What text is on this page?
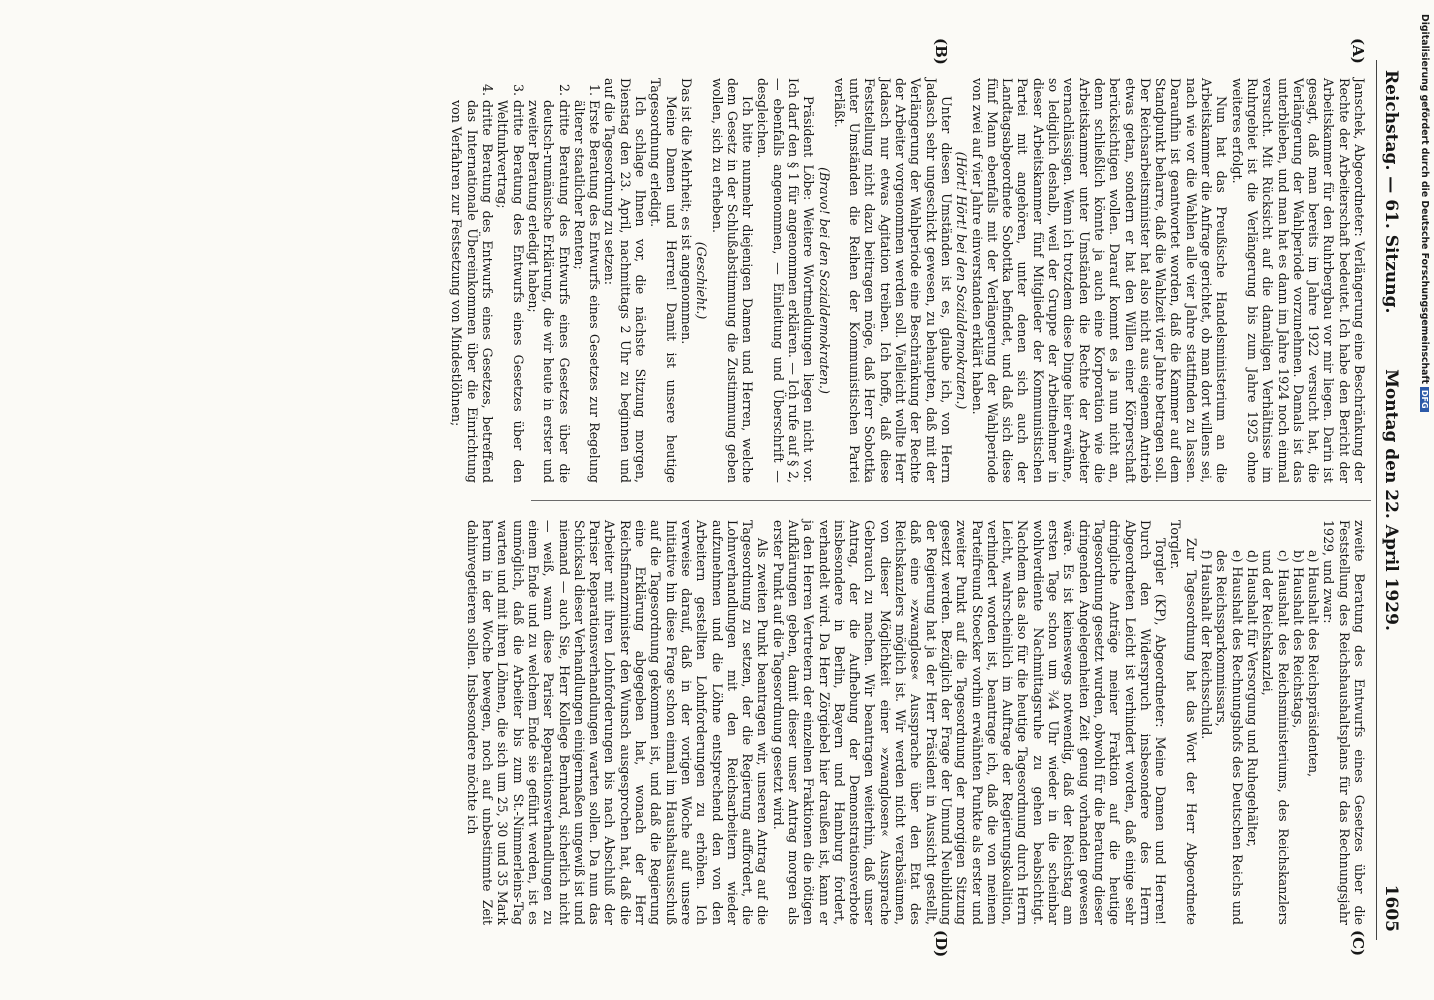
Reichstag. — 61. Sitzung.
Montag den 22. April 1929.
1605
(A)
(B)
(C)
(D)

Janschek, Abgeordneter: Verlängerung eine Beschränkung der Rechte der Arbeiterschaft bedeutet. Ich habe den Bericht der Arbeitskammer für den Ruhrbergbau vor mir liegen. Darin ist gesagt, daß man bereits im Jahre 1922 versucht hat, die Verlängerung der Wahlperiode vorzunehmen. Damals ist das unterblieben, und man hat es dann im Jahre 1924 noch einmal versucht. Mit Rücksicht auf die damaligen Verhältnisse im Ruhrgebiet ist die Verlängerung bis zum Jahre 1925 ohne weiteres erfolgt.

Nun hat das Preußische Handelsministerium an die Arbeitskammer die Anfrage gerichtet, ob man dort willens sei, nach wie vor die Wahlen alle vier Jahre stattfinden zu lassen. Daraufhin ist geantwortet worden, daß die Kammer auf dem Standpunkt beharre, daß die Wahlzeit vier Jahre betragen soll. Der Reichsarbeitsminister hat also nicht aus eigenem Antrieb etwas getan, sondern er hat den Willen einer Körperschaft berücksichtigen wollen. Darauf kommt es ja nun nicht an, denn schließlich könnte ja auch eine Korporation wie die Arbeitskammer unter Umständen die Rechte der Arbeiter vernachlässigen. Wenn ich trotzdem diese Dinge hier erwähne, so lediglich deshalb, weil der Gruppe der Arbeitnehmer in dieser Arbeitskammer fünf Mitglieder der Kommunistischen Partei mit angehören, unter denen sich auch der Landtagsabgeordnete Sobottka befindet, und daß sich diese fünf Mann ebenfalls mit der Verlängerung der Wahlperiode von zwei auf vier Jahre einverstanden erklärt haben.

(Hört! Hört! bei den Sozialdemokraten.)

Unter diesen Umständen ist es, glaube ich, von Herrn Jadasch sehr ungeschickt gewesen, zu behaupten, daß mit der Verlängerung der Wahlperiode eine Beschränkung der Rechte der Arbeiter vorgenommen werden soll. Vielleicht wollte Herr Jadasch nur etwas Agitation treiben. Ich hoffe, daß diese Feststellung nicht dazu beitragen möge, daß Herr Sobottka unter Umständen die Reihen der Kommunistischen Partei verläßt.

(Bravo! bei den Sozialdemokraten.)

Präsident Löbe: Weitere Wortmeldungen liegen nicht vor. Ich darf den § 1 für angenommen erklären. — Ich rufe auf § 2, — ebenfalls angenommen, — Einleitung und Überschrift — desgleichen.

Ich bitte nunmehr diejenigen Damen und Herren, welche dem Gesetz in der Schlußabstimmung die Zustimmung geben wollen, sich zu erheben.

(Geschieht.)

Das ist die Mehrheit; es ist angenommen.

Meine Damen und Herren! Damit ist unsere heutige Tagesordnung erledigt.

Ich schlage Ihnen vor, die nächste Sitzung morgen, Dienstag den 23. April, nachmittags 2 Uhr zu beginnen und auf die Tagesordnung zu setzen:

1. Erste Beratung des Entwurfs eines Gesetzes zur Regelung älterer staatlicher Renten;
2. dritte Beratung des Entwurfs eines Gesetzes über die deutsch-rumänische Erklärung, die wir heute in erster und zweiter Beratung erledigt haben;
3. dritte Beratung des Entwurfs eines Gesetzes über den Weltfunkvertrag;
4. dritte Beratung des Entwurfs eines Gesetzes, betreffend das Internationale Übereinkommen über die Einrichtung von Verfahren zur Festsetzung von Mindestlöhnen;

zweite Beratung des Entwurfs eines Gesetzes über die Feststellung des Reichshaushaltsplans für das Rechnungsjahr 1929, und zwar:

a) Haushalt des Reichspräsidenten,
b) Haushalt des Reichstags,
c) Haushalt des Reichsministeriums, des Reichskanzlers und der Reichskanzlei,
d) Haushalt für Versorgung und Ruhegehälter,
e) Haushalt des Rechnungshofs des Deutschen Reichs und des Reichssparkommissars,
f) Haushalt der Reichsschuld.

Zur Tagesordnung hat das Wort der Herr Abgeordnete Torgler.

Torgler (KP), Abgeordneter: Meine Damen und Herren! Durch den Widerspruch insbesondere des Herrn Abgeordneten Leicht ist verhindert worden, daß einige sehr dringliche Anträge meiner Fraktion auf die heutige Tagesordnung gesetzt wurden, obwohl für die Beratung dieser dringenden Angelegenheiten Zeit genug vorhanden gewesen wäre. Es ist keineswegs notwendig, daß der Reichstag am ersten Tage schon um ¾4 Uhr wieder in die scheinbar wohlverdiente Nachmittagsruhe zu gehen beabsichtigt. Nachdem das also für die heutige Tagesordnung durch Herrn Leicht, wahrscheinlich im Auftrage der Regierungskoalition, verhindert worden ist, beantrage ich, daß die von meinem Parteifreund Stoecker vorhin erwähnten Punkte als erster und zweiter Punkt auf die Tagesordnung der morgigen Sitzung gesetzt werden. Bezüglich der Frage der Umund Neubildung der Regierung hat ja der Herr Präsident in Aussicht gestellt, daß eine »zwanglose« Aussprache über den Etat des Reichskanzlers möglich ist. Wir werden nicht verabsäumen, von dieser Möglichkeit einer »zwanglosen« Aussprache Gebrauch zu machen. Wir beantragen weiterhin, daß unser Antrag, der die Aufhebung der Demonstrationsverbote insbesondere in Berlin, Bayern und Hamburg fordert, verhandelt wird. Da Herr Zörgiebel hier draußen ist, kann er ja den Herren Vertretern der einzelnen Fraktionen die nötigen Aufklärungen geben, damit dieser unser Antrag morgen als erster Punkt auf die Tagesordnung gesetzt wird.

Als zweiten Punkt beantragen wir, unseren Antrag auf die Tagesordnung zu setzen, der die Regierung auffordert, die Lohnverhandlungen mit den Reichsarbeitern wieder aufzunehmen und die Löhne entsprechend den von den Arbeitern gestellten Lohnforderungen zu erhöhen. Ich verweise darauf, daß in der vorigen Woche auf unsere Initiative hin diese Frage schon einmal im Haushaltsausschuß auf die Tagesordnung gekommen ist, und daß die Regierung eine Erklärung abgegeben hat, wonach der Herr Reichsfinanzminister den Wunsch ausgesprochen hat, daß die Arbeiter mit ihren Lohnforderungen bis nach Abschluß der Pariser Reparationsverhandlungen warten sollen. Da nun das Schicksal dieser Verhandlungen einigermaßen ungewiß ist und niemand — auch Sie, Herr Kollege Bernhard, sicherlich nicht — weiß, wann diese Pariser Reparationsverhandlungen zu einem Ende und zu welchem Ende sie geführt werden, ist es unmöglich, daß die Arbeiter bis zum St.-Nimmerleins-Tag warten und mit ihren Löhnen, die sich um 25, 30 und 35 Mark herum in der Woche bewegen, noch auf unbestimmte Zeit dahinvegetieren sollen. Insbesondere möchte ich

Digitalisierung gefördert durch die Deutsche ForschungsgemeinschaftDFG
